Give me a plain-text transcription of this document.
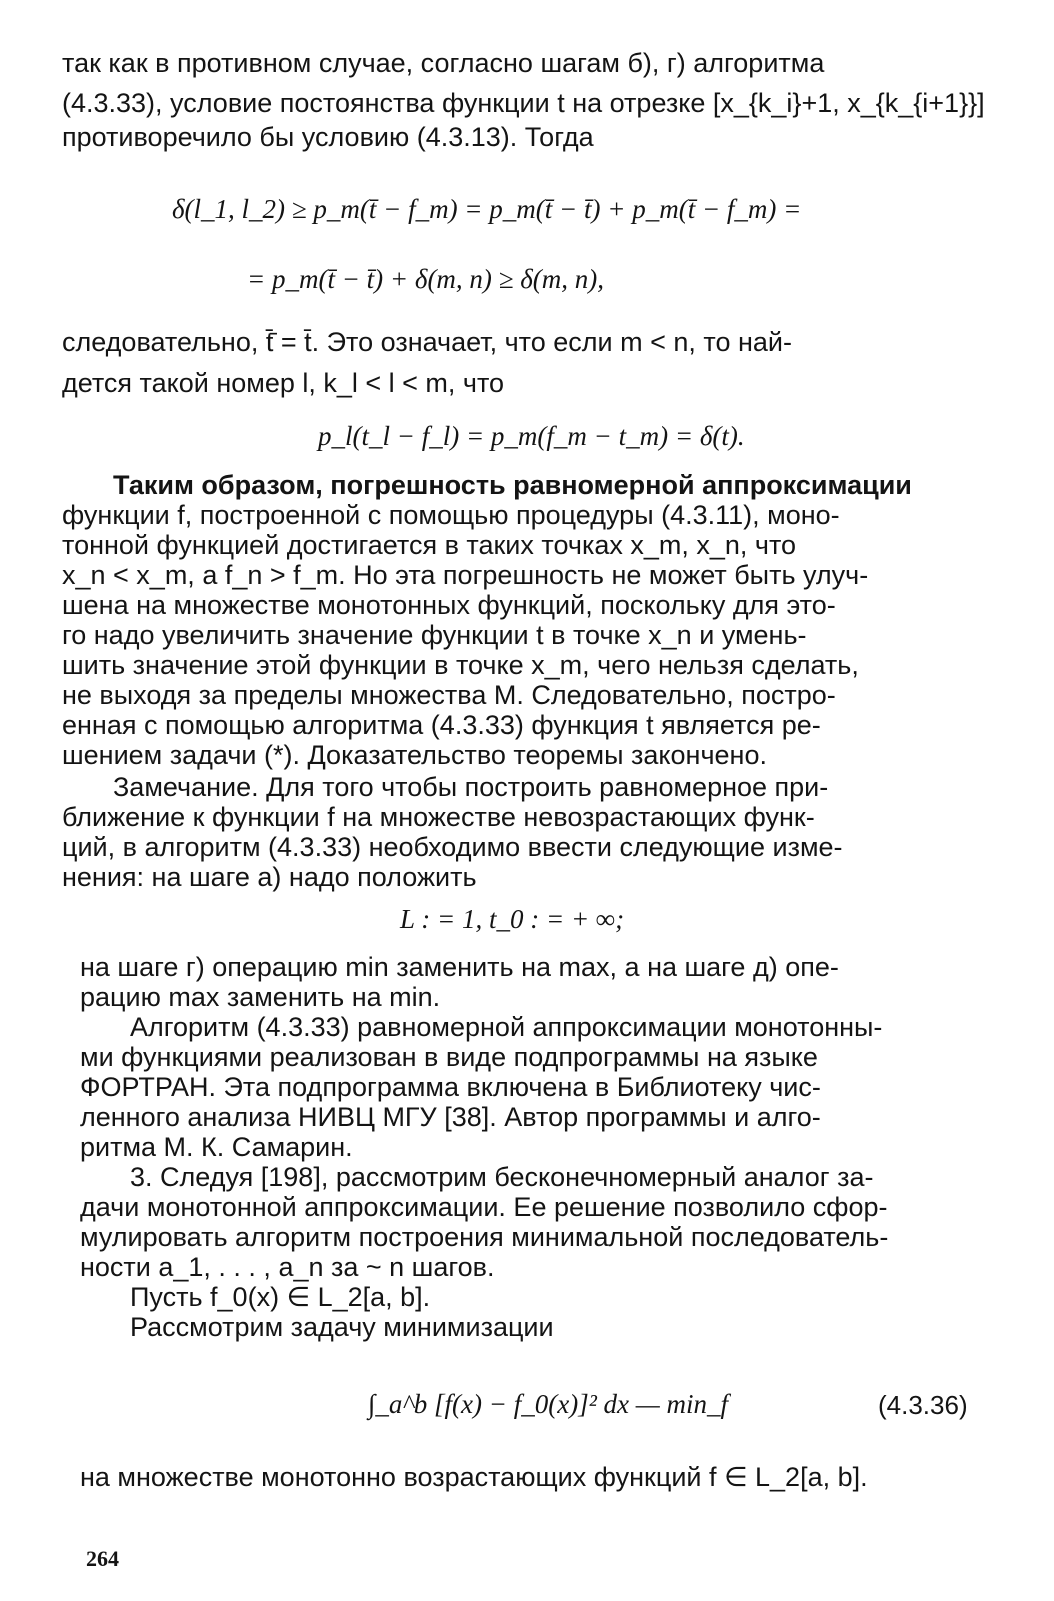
так как в противном случае, согласно шагам б), г) алгоритма
(4.3.33), условие постоянства функции t на отрезке [x_{k_i}+1, x_{k_{i+1}}]
противоречило бы условию (4.3.13). Тогда
δ(l_1, l_2) ≥ p_m(t̄̄ − f_m) = p_m(t̄ − t̄) + p_m(t̄ − f_m) =
= p_m(t̄̄ − t̄) + δ(m, n) ≥ δ(m, n),
следовательно, t̄̄ = t̄. Это означает, что если m < n, то най-
дется такой номер l, k_l < l < m, что
p_l(t_l − f_l) = p_m(f_m − t_m) = δ(t).
Таким образом, погрешность равномерной аппроксимации
функции f, построенной с помощью процедуры (4.3.11), моно-
тонной функцией достигается в таких точках x_m, x_n, что
x_n < x_m, а f_n > f_m. Но эта погрешность не может быть улуч-
шена на множестве монотонных функций, поскольку для это-
го надо увеличить значение функции t в точке x_n и умень-
шить значение этой функции в точке x_m, чего нельзя сделать,
не выходя за пределы множества M. Следовательно, постро-
енная с помощью алгоритма (4.3.33) функция t является ре-
шением задачи (*). Доказательство теоремы закончено.
Замечание. Для того чтобы построить равномерное при-
ближение к функции f на множестве невозрастающих функ-
ций, в алгоритм (4.3.33) необходимо ввести следующие изме-
нения: на шаге а) надо положить
L : = 1, t_0 : = + ∞;
на шаге г) операцию min заменить на max, а на шаге д) опе-
рацию max заменить на min.
Алгоритм (4.3.33) равномерной аппроксимации монотонны-
ми функциями реализован в виде подпрограммы на языке
ФОРТРАН. Эта подпрограмма включена в Библиотеку чис-
ленного анализа НИВЦ МГУ [38]. Автор программы и алго-
ритма М. К. Самарин.
3. Следуя [198], рассмотрим бесконечномерный аналог за-
дачи монотонной аппроксимации. Ее решение позволило сфор-
мулировать алгоритм построения минимальной последователь-
ности a_1, . . . , a_n за ~ n шагов.
Пусть f_0(x) ∈ L_2[a, b].
Рассмотрим задачу минимизации
∫_a^b [f(x) − f_0(x)]² dx — min_f	(4.3.36)
на множестве монотонно возрастающих функций f ∈ L_2[a, b].
264
